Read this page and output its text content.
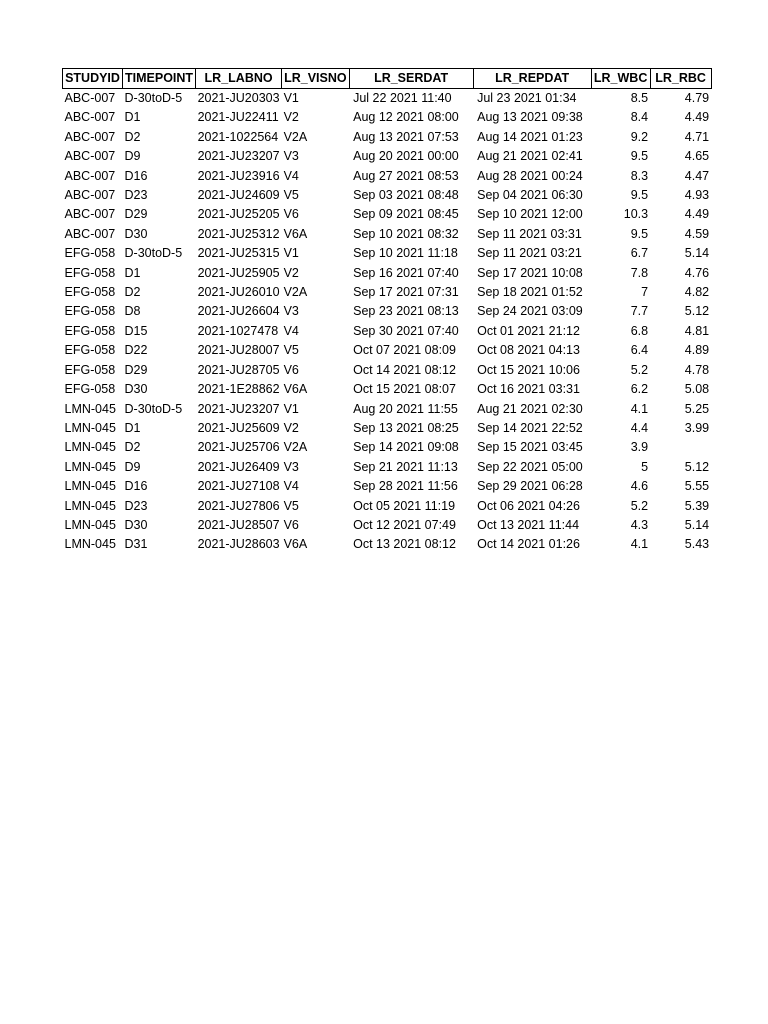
STUDYID	TIMEPOINT	LR_LABNO	LR_VISNO	LR_SERDAT	LR_REPDAT	LR_WBC	LR_RBC
ABC-007	D-30toD-5	2021-JU20303	V1	Jul 22 2021 11:40	Jul 23 2021 01:34	8.5	4.79
ABC-007	D1	2021-JU22411	V2	Aug 12 2021 08:00	Aug 13 2021 09:38	8.4	4.49
ABC-007	D2	2021-1022564	V2A	Aug 13 2021 07:53	Aug 14 2021 01:23	9.2	4.71
ABC-007	D9	2021-JU23207	V3	Aug 20 2021 00:00	Aug 21 2021 02:41	9.5	4.65
ABC-007	D16	2021-JU23916	V4	Aug 27 2021 08:53	Aug 28 2021 00:24	8.3	4.47
ABC-007	D23	2021-JU24609	V5	Sep 03 2021 08:48	Sep 04 2021 06:30	9.5	4.93
ABC-007	D29	2021-JU25205	V6	Sep 09 2021 08:45	Sep 10 2021 12:00	10.3	4.49
ABC-007	D30	2021-JU25312	V6A	Sep 10 2021 08:32	Sep 11 2021 03:31	9.5	4.59
EFG-058	D-30toD-5	2021-JU25315	V1	Sep 10 2021 11:18	Sep 11 2021 03:21	6.7	5.14
EFG-058	D1	2021-JU25905	V2	Sep 16 2021 07:40	Sep 17 2021 10:08	7.8	4.76
EFG-058	D2	2021-JU26010	V2A	Sep 17 2021 07:31	Sep 18 2021 01:52	7	4.82
EFG-058	D8	2021-JU26604	V3	Sep 23 2021 08:13	Sep 24 2021 03:09	7.7	5.12
EFG-058	D15	2021-1027478	V4	Sep 30 2021 07:40	Oct 01 2021 21:12	6.8	4.81
EFG-058	D22	2021-JU28007	V5	Oct 07 2021 08:09	Oct 08 2021 04:13	6.4	4.89
EFG-058	D29	2021-JU28705	V6	Oct 14 2021 08:12	Oct 15 2021 10:06	5.2	4.78
EFG-058	D30	2021-1E28862	V6A	Oct 15 2021 08:07	Oct 16 2021 03:31	6.2	5.08
LMN-045	D-30toD-5	2021-JU23207	V1	Aug 20 2021 11:55	Aug 21 2021 02:30	4.1	5.25
LMN-045	D1	2021-JU25609	V2	Sep 13 2021 08:25	Sep 14 2021 22:52	4.4	3.99
LMN-045	D2	2021-JU25706	V2A	Sep 14 2021 09:08	Sep 15 2021 03:45	3.9	
LMN-045	D9	2021-JU26409	V3	Sep 21 2021 11:13	Sep 22 2021 05:00	5	5.12
LMN-045	D16	2021-JU27108	V4	Sep 28 2021 11:56	Sep 29 2021 06:28	4.6	5.55
LMN-045	D23	2021-JU27806	V5	Oct 05 2021 11:19	Oct 06 2021 04:26	5.2	5.39
LMN-045	D30	2021-JU28507	V6	Oct 12 2021 07:49	Oct 13 2021 11:44	4.3	5.14
LMN-045	D31	2021-JU28603	V6A	Oct 13 2021 08:12	Oct 14 2021 01:26	4.1	5.43
